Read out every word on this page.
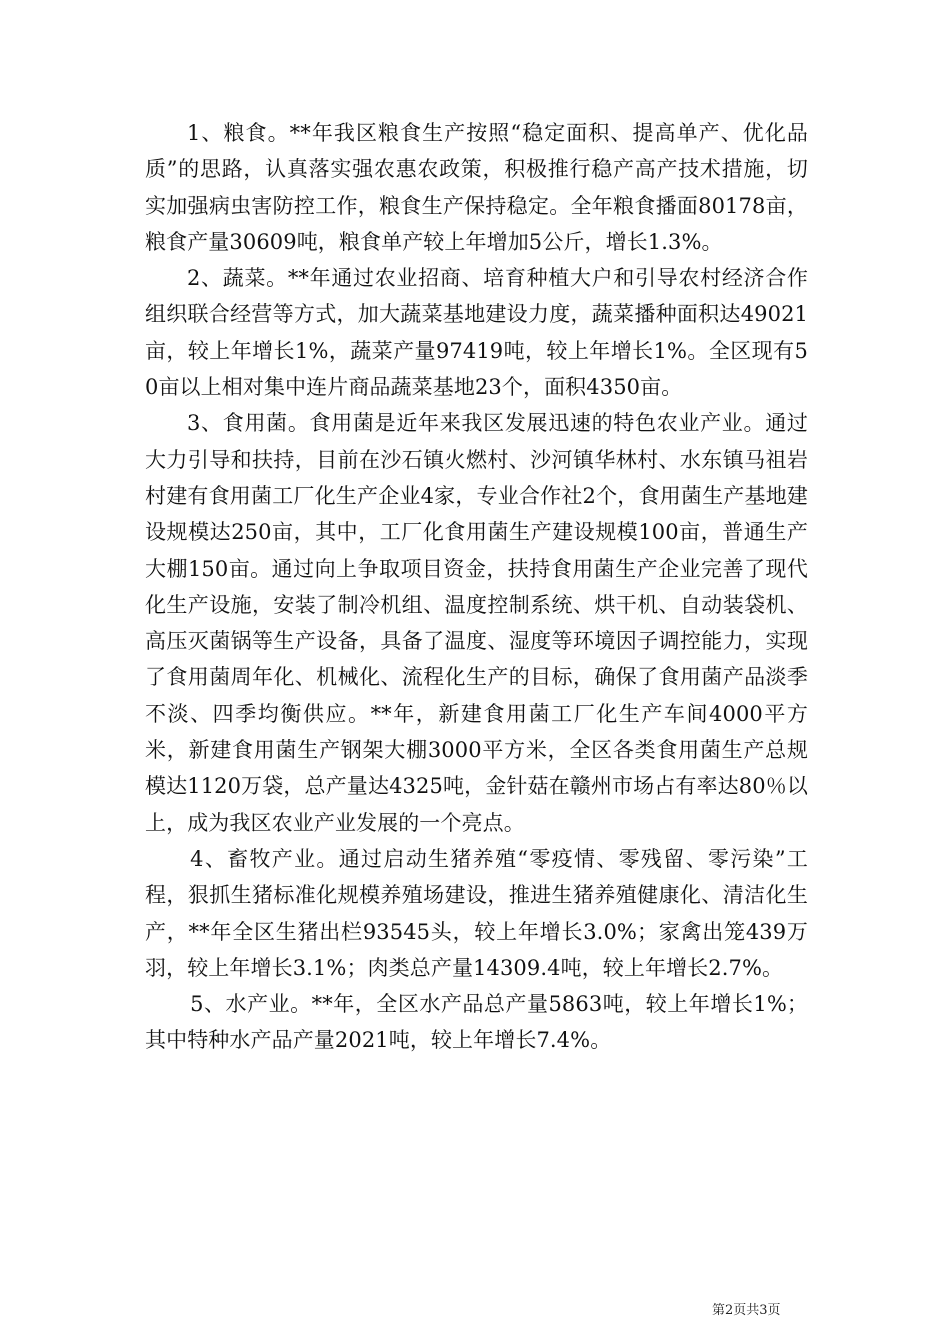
1、粮食。**年我区粮食生产按照“稳定面积、提高单产、优化品质”的思路，认真落实强农惠农政策，积极推行稳产高产技术措施，切实加强病虫害防控工作，粮食生产保持稳定。全年粮食播面80178亩，粮食产量30609吨，粮食单产较上年增加5公斤，增长1.3%。

2、蔬菜。**年通过农业招商、培育种植大户和引导农村经济合作组织联合经营等方式，加大蔬菜基地建设力度，蔬菜播种面积达49021亩，较上年增长1%，蔬菜产量97419吨，较上年增长1%。全区现有50亩以上相对集中连片商品蔬菜基地23个，面积4350亩。

3、食用菌。食用菌是近年来我区发展迅速的特色农业产业。通过大力引导和扶持，目前在沙石镇火燃村、沙河镇华林村、水东镇马祖岩村建有食用菌工厂化生产企业4家，专业合作社2个，食用菌生产基地建设规模达250亩，其中，工厂化食用菌生产建设规模100亩，普通生产大棚150亩。通过向上争取项目资金，扶持食用菌生产企业完善了现代化生产设施，安装了制冷机组、温度控制系统、烘干机、自动装袋机、高压灭菌锅等生产设备，具备了温度、湿度等环境因子调控能力，实现了食用菌周年化、机械化、流程化生产的目标，确保了食用菌产品淡季不淡、四季均衡供应。**年，新建食用菌工厂化生产车间4000平方米，新建食用菌生产钢架大棚3000平方米，全区各类食用菌生产总规模达1120万袋，总产量达4325吨，金针菇在赣州市场占有率达80％以上，成为我区农业产业发展的一个亮点。

4、畜牧产业。通过启动生猪养殖“零疫情、零残留、零污染”工程，狠抓生猪标准化规模养殖场建设，推进生猪养殖健康化、清洁化生产，**年全区生猪出栏93545头，较上年增长3.0%；家禽出笼439万羽，较上年增长3.1%；肉类总产量14309.4吨，较上年增长2.7%。

5、水产业。**年，全区水产品总产量5863吨，较上年增长1%；其中特种水产品产量2021吨，较上年增长7.4%。

第2页共3页
